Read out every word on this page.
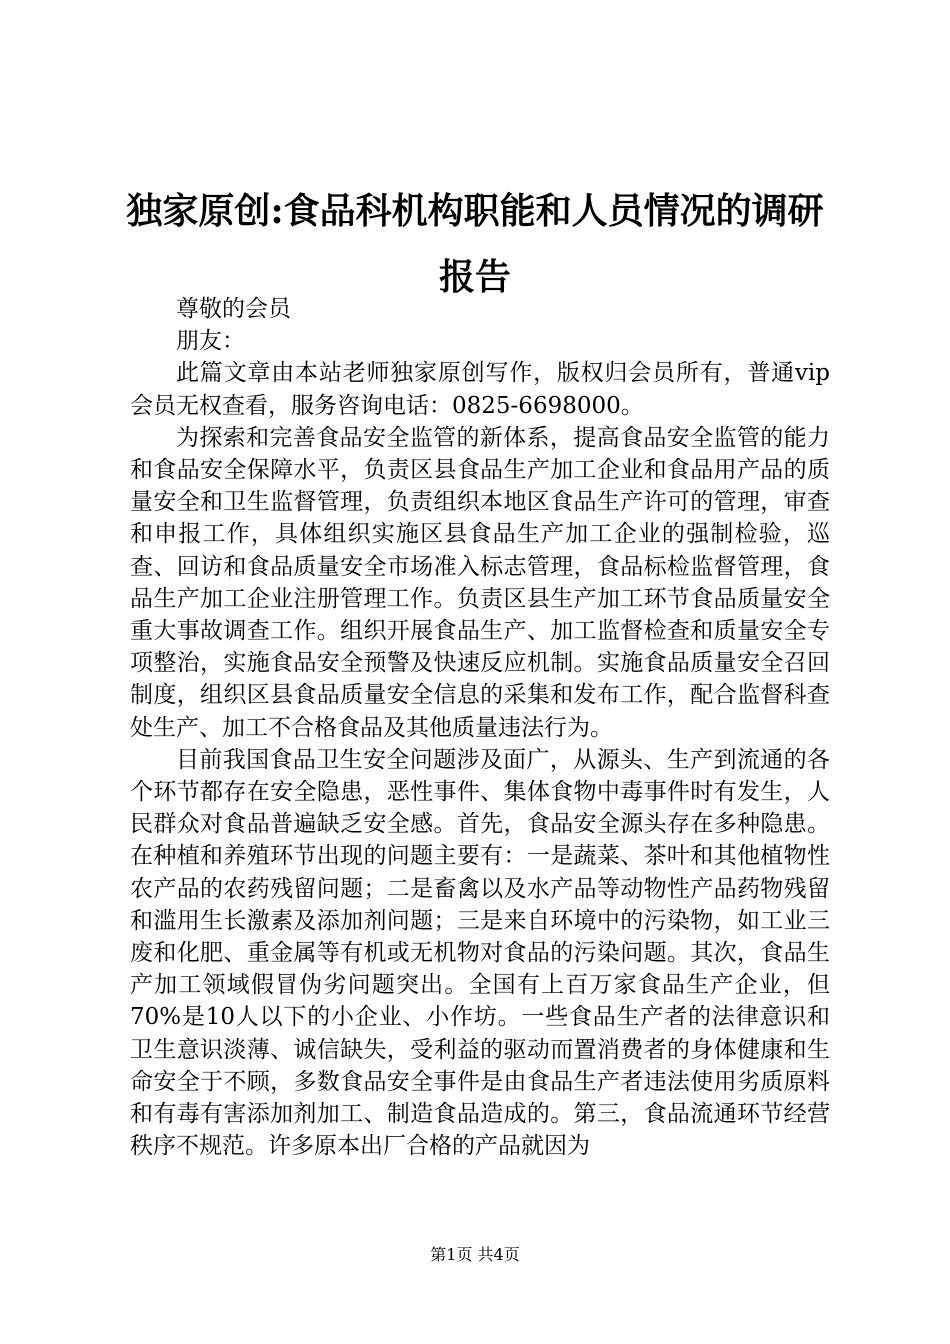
独家原创:食品科机构职能和人员情况的调研报告

尊敬的会员

朋友：

此篇文章由本站老师独家原创写作，版权归会员所有，普通vip会员无权查看，服务咨询电话：0825-6698000。

为探索和完善食品安全监管的新体系，提高食品安全监管的能力和食品安全保障水平，负责区县食品生产加工企业和食品用产品的质量安全和卫生监督管理，负责组织本地区食品生产许可的管理，审查和申报工作，具体组织实施区县食品生产加工企业的强制检验，巡查、回访和食品质量安全市场准入标志管理，食品标检监督管理，食品生产加工企业注册管理工作。负责区县生产加工环节食品质量安全重大事故调查工作。组织开展食品生产、加工监督检查和质量安全专项整治，实施食品安全预警及快速反应机制。实施食品质量安全召回制度，组织区县食品质量安全信息的采集和发布工作，配合监督科查处生产、加工不合格食品及其他质量违法行为。

目前我国食品卫生安全问题涉及面广，从源头、生产到流通的各个环节都存在安全隐患，恶性事件、集体食物中毒事件时有发生，人民群众对食品普遍缺乏安全感。首先，食品安全源头存在多种隐患。在种植和养殖环节出现的问题主要有：一是蔬菜、茶叶和其他植物性农产品的农药残留问题；二是畜禽以及水产品等动物性产品药物残留和滥用生长激素及添加剂问题；三是来自环境中的污染物，如工业三废和化肥、重金属等有机或无机物对食品的污染问题。其次，食品生产加工领域假冒伪劣问题突出。全国有上百万家食品生产企业，但70%是10人以下的小企业、小作坊。一些食品生产者的法律意识和卫生意识淡薄、诚信缺失，受利益的驱动而置消费者的身体健康和生命安全于不顾，多数食品安全事件是由食品生产者违法使用劣质原料和有毒有害添加剂加工、制造食品造成的。第三，食品流通环节经营秩序不规范。许多原本出厂合格的产品就因为

第1页 共4页
